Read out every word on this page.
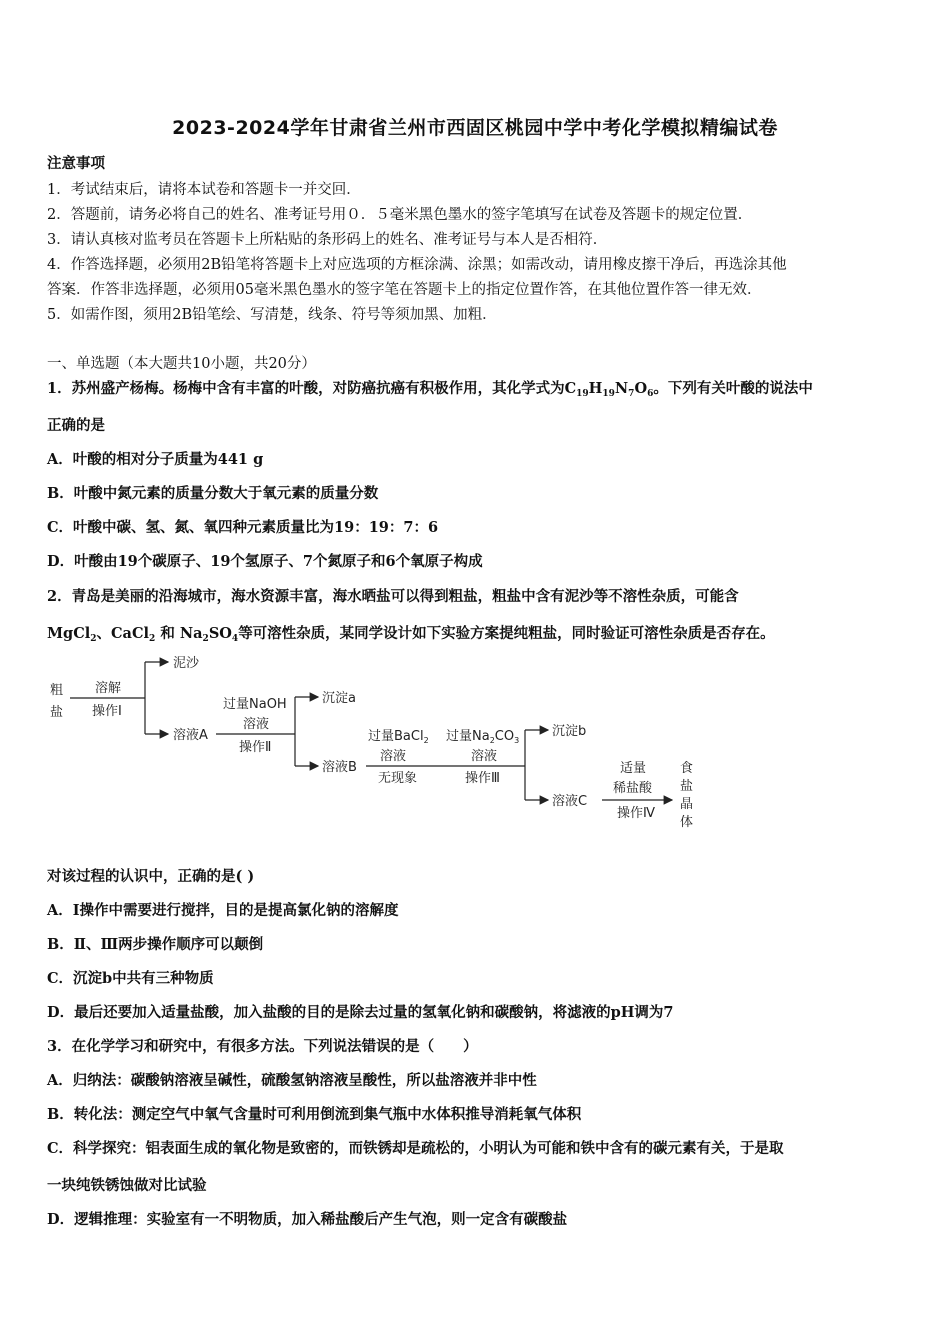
2023-2024学年甘肃省兰州市西固区桃园中学中考化学模拟精编试卷
注意事项
1．考试结束后，请将本试卷和答题卡一并交回．
2．答题前，请务必将自己的姓名、准考证号用０．５毫米黑色墨水的签字笔填写在试卷及答题卡的规定位置．
3．请认真核对监考员在答题卡上所粘贴的条形码上的姓名、准考证号与本人是否相符．
4．作答选择题，必须用2B铅笔将答题卡上对应选项的方框涂满、涂黑；如需改动，请用橡皮擦干净后，再选涂其他
答案．作答非选择题，必须用05毫米黑色墨水的签字笔在答题卡上的指定位置作答，在其他位置作答一律无效．
5．如需作图，须用2B铅笔绘、写清楚，线条、符号等须加黑、加粗．
一、单选题（本大题共10小题，共20分）
1．苏州盛产杨梅。杨梅中含有丰富的叶酸，对防癌抗癌有积极作用，其化学式为$C_{19}H_{19}N_7O_6$。下列有关叶酸的说法中
正确的是
A．叶酸的相对分子质量为441 g
B．叶酸中氮元素的质量分数大于氧元素的质量分数
C．叶酸中碳、氢、氮、氧四种元素质量比为19：19：7：6
D．叶酸由19个碳原子、19个氢原子、7个氮原子和6个氧原子构成
2．青岛是美丽的沿海城市，海水资源丰富，海水晒盐可以得到粗盐，粗盐中含有泥沙等不溶性杂质，可能含
MgCl$_2$、CaCl$_2$ 和 $Na_2SO_4$等可溶性杂质，某同学设计如下实验方案提纯粗盐，同时验证可溶性杂质是否存在。
粗
盐
溶解
操作Ⅰ
泥沙
溶液A
过量NaOH
溶液
操作Ⅱ
沉淀a
溶液B
过量BaCl$_2$
溶液
无现象
过量$Na_2CO_3$
溶液
操作Ⅲ
沉淀b
溶液C
适量
稀盐酸
操作Ⅳ
食
盐
晶
体
对该过程的认识中，正确的是( )
A．Ⅰ操作中需要进行搅拌，目的是提高氯化钠的溶解度
B．Ⅱ、Ⅲ两步操作顺序可以颠倒
C．沉淀b中共有三种物质
D．最后还要加入适量盐酸，加入盐酸的目的是除去过量的氢氧化钠和碳酸钠，将滤液的pH调为7
3．在化学学习和研究中，有很多方法。下列说法错误的是（　　）
A．归纳法：碳酸钠溶液呈碱性，硫酸氢钠溶液呈酸性，所以盐溶液并非中性
B．转化法：测定空气中氧气含量时可利用倒流到集气瓶中水体积推导消耗氧气体积
C．科学探究：铝表面生成的氧化物是致密的，而铁锈却是疏松的，小明认为可能和铁中含有的碳元素有关，于是取
一块纯铁锈蚀做对比试验
D．逻辑推理：实验室有一不明物质，加入稀盐酸后产生气泡，则一定含有碳酸盐
